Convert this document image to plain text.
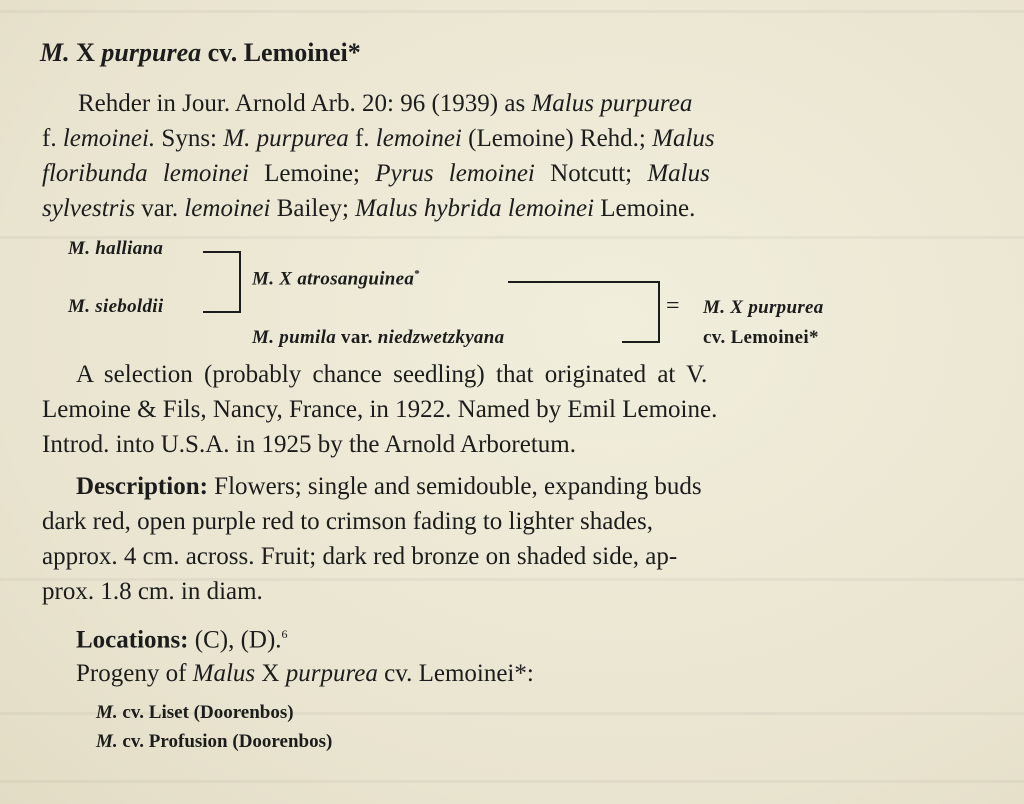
M. X purpurea cv. Lemoinei*
Rehder in Jour. Arnold Arb. 20: 96 (1939) as Malus purpurea
f. lemoinei. Syns: M. purpurea f. lemoinei (Lemoine) Rehd.; Malus
floribunda lemoinei Lemoine; Pyrus lemoinei Notcutt; Malus
sylvestris var. lemoinei Bailey; Malus hybrida lemoinei Lemoine.
M. halliana
M. sieboldii
M. X atrosanguinea*
M. pumila var. niedzwetzkyana
= M. X purpurea
cv. Lemoinei*
A selection (probably chance seedling) that originated at V.
Lemoine & Fils, Nancy, France, in 1922. Named by Emil Lemoine.
Introd. into U.S.A. in 1925 by the Arnold Arboretum.
Description: Flowers; single and semidouble, expanding buds
dark red, open purple red to crimson fading to lighter shades,
approx. 4 cm. across. Fruit; dark red bronze on shaded side, ap-
prox. 1.8 cm. in diam.
Locations: (C), (D).$^6$
Progeny of Malus X purpurea cv. Lemoinei*:
M. cv. Liset (Doorenbos)
M. cv. Profusion (Doorenbos)
